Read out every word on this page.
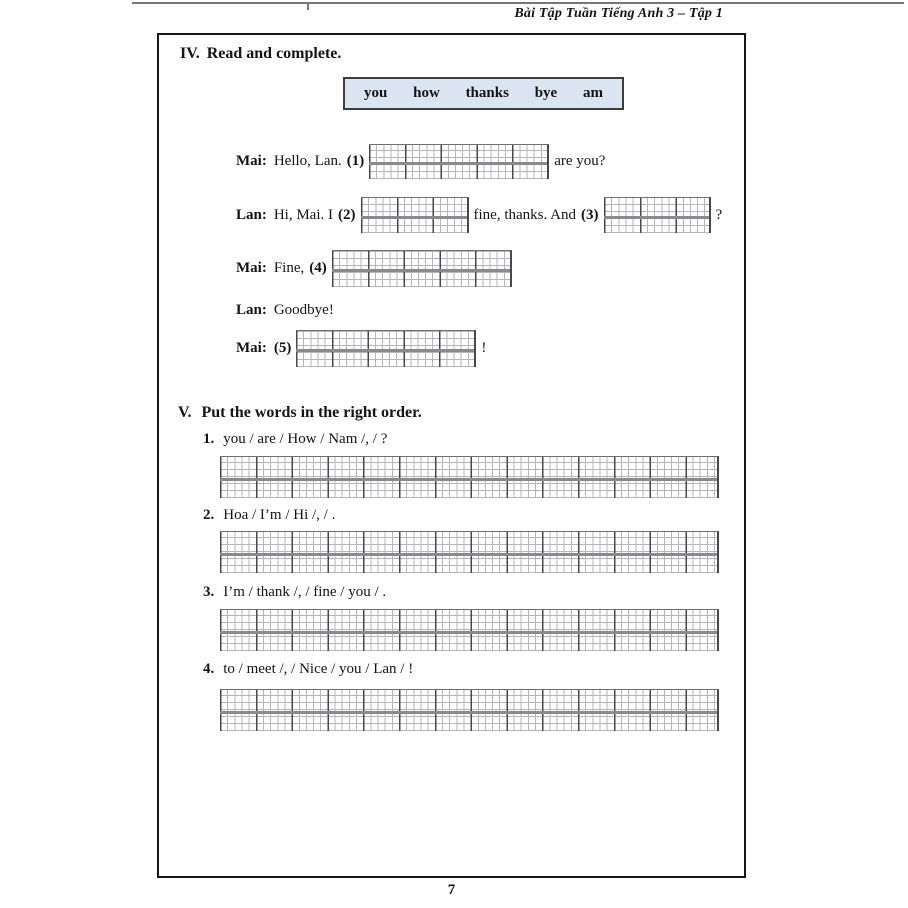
Bài Tập Tuần Tiếng Anh 3 – Tập 1
IV. Read and complete.
you how thanks bye am
Mai: Hello, Lan. (1)	are you?
Lan: Hi, Mai. I (2)	fine, thanks. And (3)	?
Mai: Fine, (4)
Lan: Goodbye!
Mai: (5)	!
V. Put the words in the right order.
1. you / are / How / Nam /, / ?
2. Hoa / I’m / Hi /, / .
3. I’m / thank /, / fine / you / .
4. to / meet /, / Nice / you / Lan / !
7
